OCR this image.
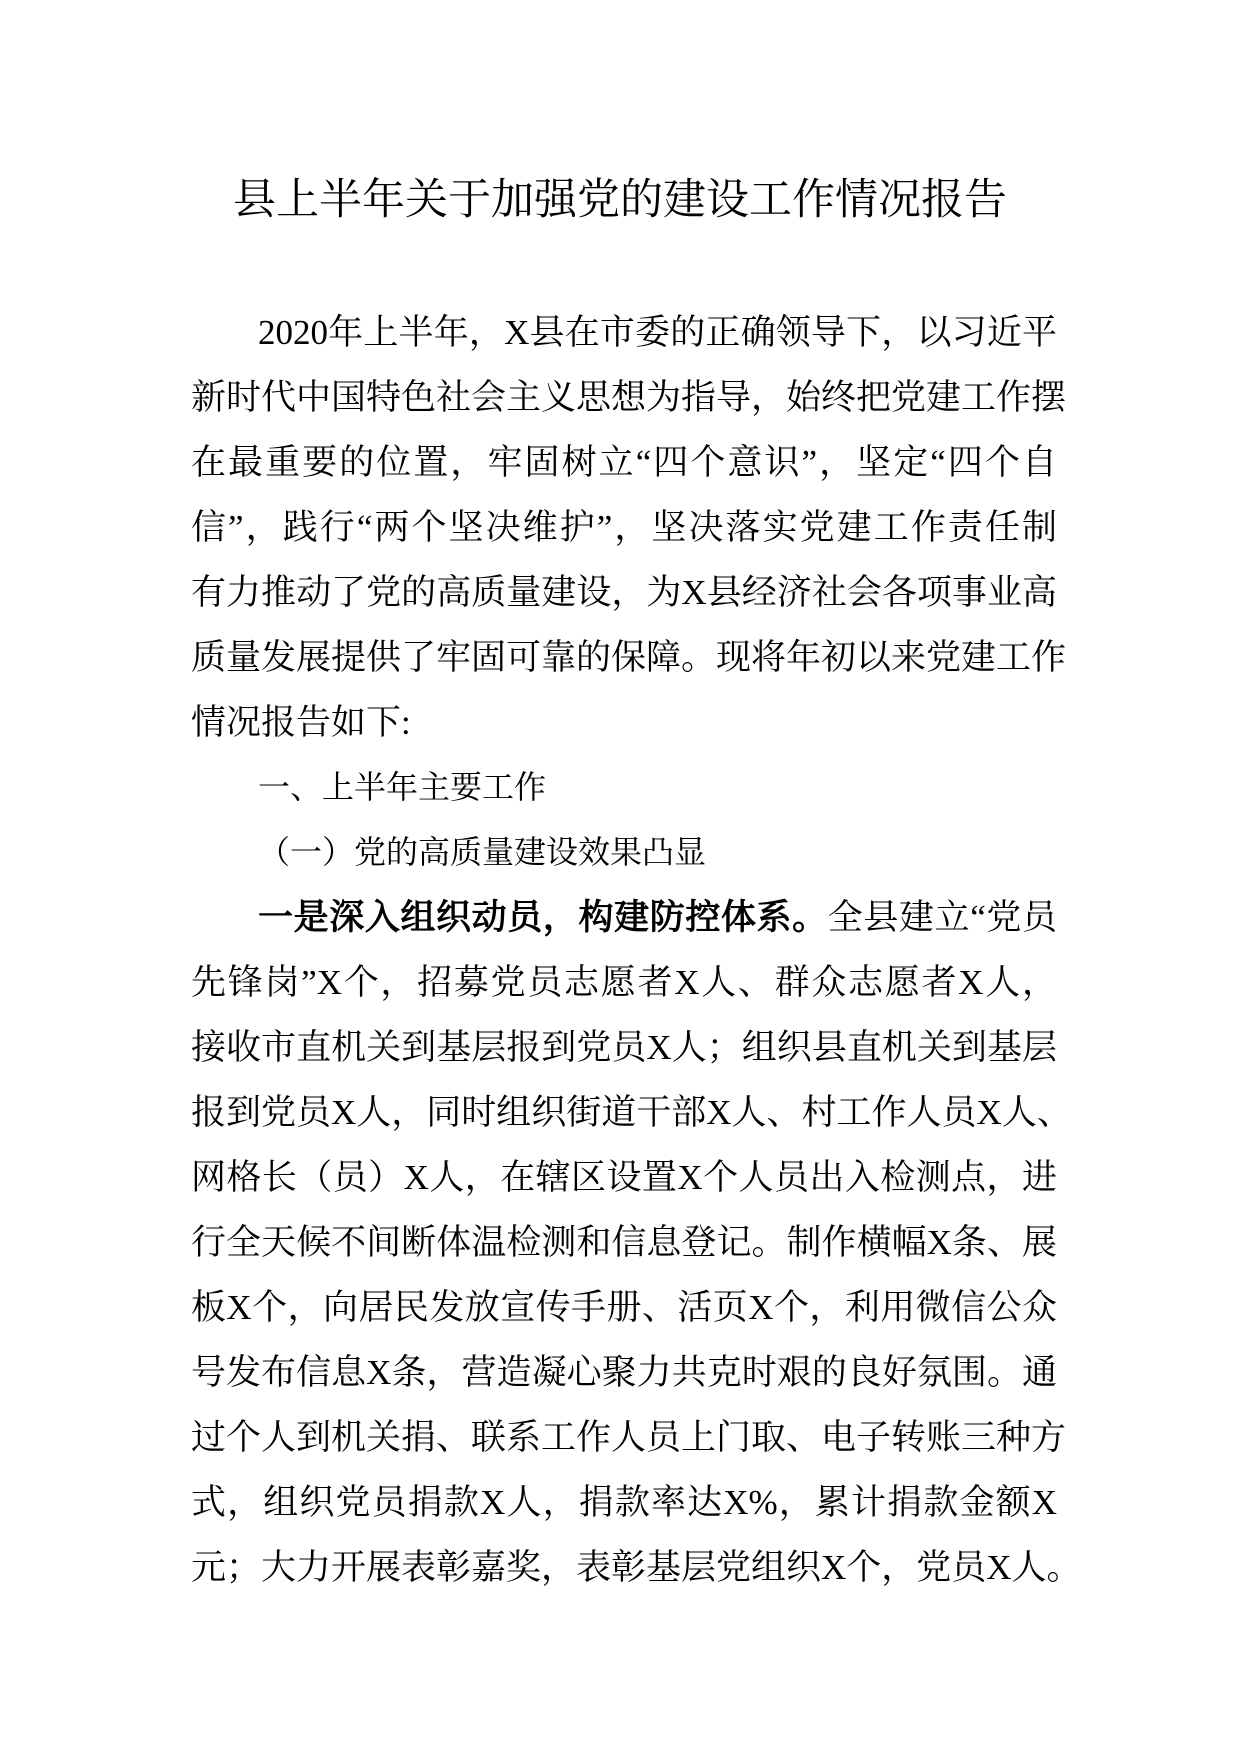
县上半年关于加强党的建设工作情况报告
2020年上半年，X县在市委的正确领导下，以习近平
新时代中国特色社会主义思想为指导，始终把党建工作摆
在最重要的位置，牢固树立“四个意识”，坚定“四个自
信”，践行“两个坚决维护”，坚决落实党建工作责任制
有力推动了党的高质量建设，为X县经济社会各项事业高
质量发展提供了牢固可靠的保障。现将年初以来党建工作
情况报告如下:
一、上半年主要工作
（一）党的高质量建设效果凸显
一是深入组织动员，构建防控体系。全县建立“党员
先锋岗”X个，招募党员志愿者X人、群众志愿者X人，
接收市直机关到基层报到党员X人；组织县直机关到基层
报到党员X人，同时组织街道干部X人、村工作人员X人、
网格长（员）X人，在辖区设置X个人员出入检测点，进
行全天候不间断体温检测和信息登记。制作横幅X条、展
板X个，向居民发放宣传手册、活页X个，利用微信公众
号发布信息X条，营造凝心聚力共克时艰的良好氛围。通
过个人到机关捐、联系工作人员上门取、电子转账三种方
式，组织党员捐款X人，捐款率达X%，累计捐款金额X
元；大力开展表彰嘉奖，表彰基层党组织X个，党员X人。
